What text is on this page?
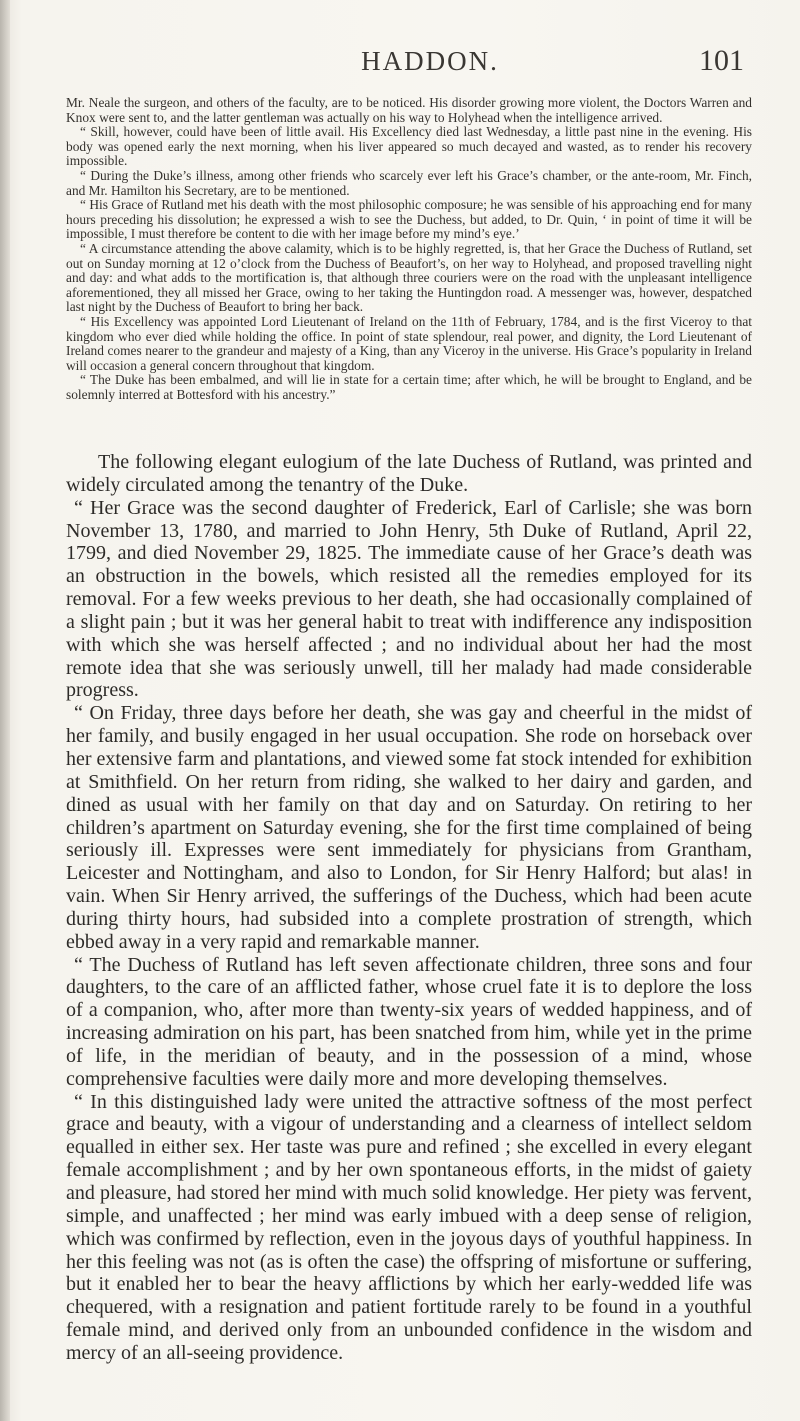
HADDON.	101

Mr. Neale the surgeon, and others of the faculty, are to be noticed. His disorder growing more violent, the Doctors Warren and Knox were sent to, and the latter gentleman was actually on his way to Holyhead when the intelligence arrived.

“ Skill, however, could have been of little avail. His Excellency died last Wednesday, a little past nine in the evening. His body was opened early the next morning, when his liver appeared so much decayed and wasted, as to render his recovery impossible.

“ During the Duke’s illness, among other friends who scarcely ever left his Grace’s chamber, or the ante-room, Mr. Finch, and Mr. Hamilton his Secretary, are to be mentioned.

“ His Grace of Rutland met his death with the most philosophic composure; he was sensible of his approaching end for many hours preceding his dissolution; he expressed a wish to see the Duchess, but added, to Dr. Quin, ‘ in point of time it will be impossible, I must therefore be content to die with her image before my mind’s eye.’

“ A circumstance attending the above calamity, which is to be highly regretted, is, that her Grace the Duchess of Rutland, set out on Sunday morning at 12 o’clock from the Duchess of Beaufort’s, on her way to Holyhead, and proposed travelling night and day: and what adds to the mortification is, that although three couriers were on the road with the unpleasant intelligence aforementioned, they all missed her Grace, owing to her taking the Huntingdon road. A messenger was, however, despatched last night by the Duchess of Beaufort to bring her back.

“ His Excellency was appointed Lord Lieutenant of Ireland on the 11th of February, 1784, and is the first Viceroy to that kingdom who ever died while holding the office. In point of state splendour, real power, and dignity, the Lord Lieutenant of Ireland comes nearer to the grandeur and majesty of a King, than any Viceroy in the universe. His Grace’s popularity in Ireland will occasion a general concern throughout that kingdom.

“ The Duke has been embalmed, and will lie in state for a certain time; after which, he will be brought to England, and be solemnly interred at Bottesford with his ancestry.”

The following elegant eulogium of the late Duchess of Rutland, was printed and widely circulated among the tenantry of the Duke.

“ Her Grace was the second daughter of Frederick, Earl of Carlisle; she was born November 13, 1780, and married to John Henry, 5th Duke of Rutland, April 22, 1799, and died November 29, 1825. The immediate cause of her Grace’s death was an obstruction in the bowels, which resisted all the remedies employed for its removal. For a few weeks previous to her death, she had occasionally complained of a slight pain ; but it was her general habit to treat with indifference any indisposition with which she was herself affected ; and no individual about her had the most remote idea that she was seriously unwell, till her malady had made considerable progress.

“ On Friday, three days before her death, she was gay and cheerful in the midst of her family, and busily engaged in her usual occupation. She rode on horseback over her extensive farm and plantations, and viewed some fat stock intended for exhibition at Smithfield. On her return from riding, she walked to her dairy and garden, and dined as usual with her family on that day and on Saturday. On retiring to her children’s apartment on Saturday evening, she for the first time complained of being seriously ill. Expresses were sent immediately for physicians from Grantham, Leicester and Nottingham, and also to London, for Sir Henry Halford; but alas! in vain. When Sir Henry arrived, the sufferings of the Duchess, which had been acute during thirty hours, had subsided into a complete prostration of strength, which ebbed away in a very rapid and remarkable manner.

“ The Duchess of Rutland has left seven affectionate children, three sons and four daughters, to the care of an afflicted father, whose cruel fate it is to deplore the loss of a companion, who, after more than twenty-six years of wedded happiness, and of increasing admiration on his part, has been snatched from him, while yet in the prime of life, in the meridian of beauty, and in the possession of a mind, whose comprehensive faculties were daily more and more developing themselves.

“ In this distinguished lady were united the attractive softness of the most perfect grace and beauty, with a vigour of understanding and a clearness of intellect seldom equalled in either sex. Her taste was pure and refined ; she excelled in every elegant female accomplishment ; and by her own spontaneous efforts, in the midst of gaiety and pleasure, had stored her mind with much solid knowledge. Her piety was fervent, simple, and unaffected ; her mind was early imbued with a deep sense of religion, which was confirmed by reflection, even in the joyous days of youthful happiness. In her this feeling was not (as is often the case) the offspring of misfortune or suffering, but it enabled her to bear the heavy afflictions by which her early-wedded life was chequered, with a resignation and patient fortitude rarely to be found in a youthful female mind, and derived only from an unbounded confidence in the wisdom and mercy of an all-seeing providence.
